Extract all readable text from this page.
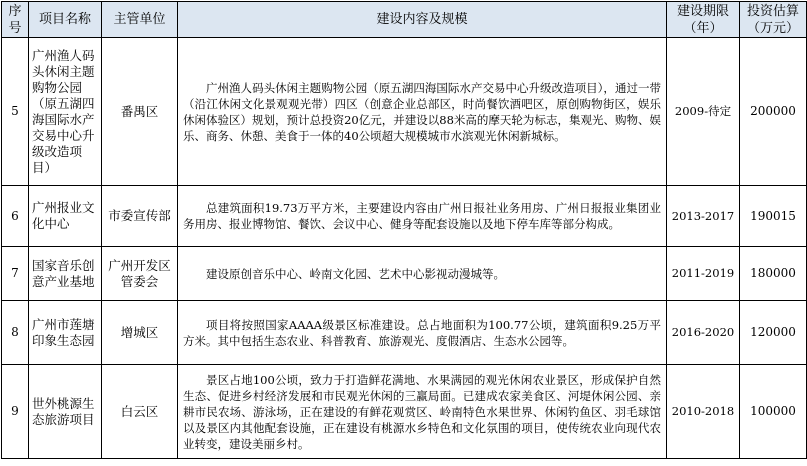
序号	项目名称	主管单位	建设内容及规模	建设期限（年）	投资估算（万元）
5	广州渔人码头休闲主题购物公园（原五湖四海国际水产交易中心升级改造项目）	番禺区	广州渔人码头休闲主题购物公园（原五湖四海国际水产交易中心升级改造项目），通过一带（沿江休闲文化景观观光带）四区（创意企业总部区，时尚餐饮酒吧区，原创购物街区，娱乐休闲体验区）规划，预计总投资20亿元，并建设以88米高的摩天轮为标志，集观光、购物、娱乐、商务、休憩、美食于一体的40公顷超大规模城市水滨观光休闲新城标。	2009-待定	200000
6	广州报业文化中心	市委宣传部	总建筑面积19.73万平方米，主要建设内容由广州日报社业务用房、广州日报报业集团业务用房、报业博物馆、餐饮、会议中心、健身等配套设施以及地下停车库等部分构成。	2013-2017	190015
7	国家音乐创意产业基地	广州开发区管委会	建设原创音乐中心、岭南文化园、艺术中心影视动漫城等。	2011-2019	180000
8	广州市莲塘印象生态园	增城区	项目将按照国家AAAA级景区标准建设。总占地面积为100.77公顷，建筑面积9.25万平方米。其中包括生态农业、科普教育、旅游观光、度假酒店、生态水公园等。	2016-2020	120000
9	世外桃源生态旅游项目	白云区	景区占地100公顷，致力于打造鲜花满地、水果满园的观光休闲农业景区，形成保护自然生态、促进乡村经济发展和市民观光休闲的三赢局面。已建成农家美食区、河堤休闲公园、亲耕市民农场、游泳场，正在建设的有鲜花观赏区、岭南特色水果世界、休闲钓鱼区、羽毛球馆以及景区内其他配套设施，正在建设有桃源水乡特色和文化氛围的项目，使传统农业向现代农业转变，建设美丽乡村。	2010-2018	100000
